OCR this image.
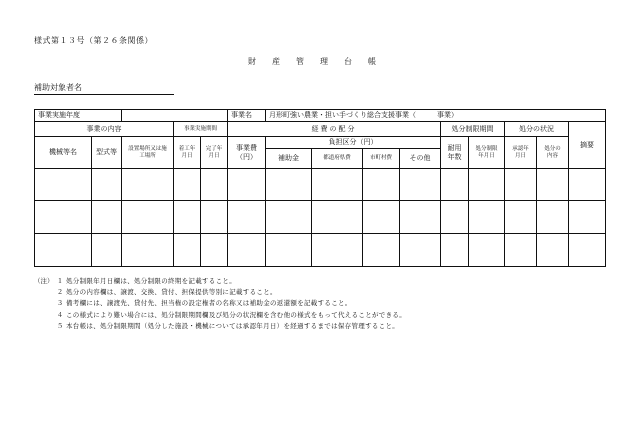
様式第１３号（第２６条関係）
財　　産　　管　　理　　台　　帳
補助対象者名
事業実施年度					事業名	月形町強い農業・担い手づくり総合支援事業（　　　事業）								
事業の内容			事業実施期間		経費の配分					処分制限期間		処分の状況		摘要
機械等名	型式等	設置場所又は施工場所	着工年月日	完了年月日	事業費（円）	負担区分（円）				耐用年数	処分制限年月日	承認年月日	処分の内容	
						補助金	都道府県費	市町村費	その他					

（注） １ 処分制限年月日欄は、処分制限の終期を記載すること。
２ 処分の内容欄は、譲渡、交換、貸付、担保提供等別に記載すること。
３ 備考欄には、譲渡先、貸付先、担当権の設定権者の名称又は補助金の返還額を記載すること。
４ この様式により難い場合には、処分制限期間欄及び処分の状況欄を含む他の様式をもって代えることができる。
５ 本台帳は、処分制限期間（処分した施設・機械については承認年月日）を経過するまでは保存管理すること。
